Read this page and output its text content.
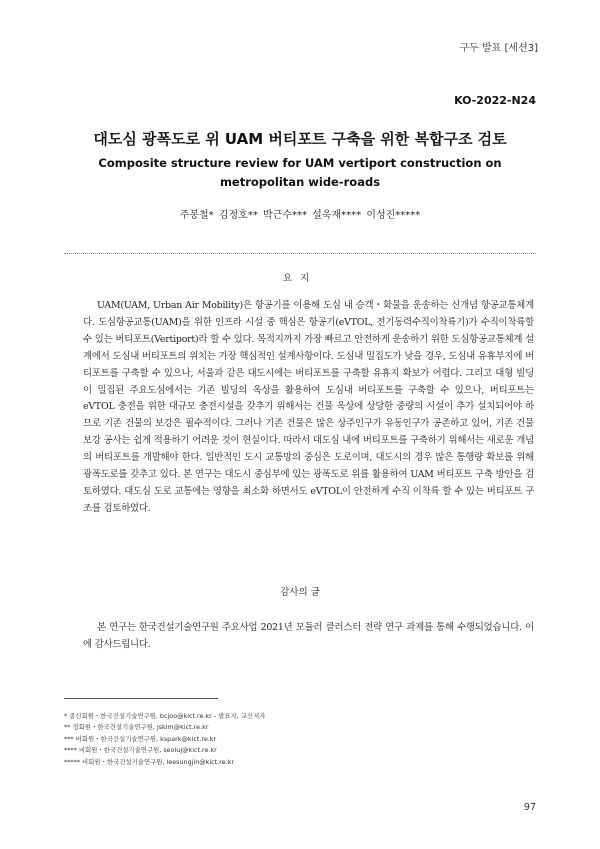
구두 발표 [세션3]
KO-2022-N24
대도심 광폭도로 위 UAM 버티포트 구축을 위한 복합구조 검토
Composite structure review for UAM vertiport construction on
metropolitan wide-roads
주봉철* 김정호** 박근수*** 설욱재**** 이성진*****
요지
UAM(UAM, Urban Air Mobility)은 항공기를 이용해 도심 내 승객・화물을 운송하는 신개념 항공교통체계다. 도심항공교통(UAM)을 위한 인프라 시설 중 핵심은 항공기(eVTOL, 전기동력수직이착륙기)가 수직이착륙할 수 있는 버티포트(Vertiport)라 할 수 있다. 목적지까지 가장 빠르고 안전하게 운송하기 위한 도심항공교통체계 설계에서 도심내 버티포트의 위치는 가장 핵심적인 설계사항이다. 도심내 밀집도가 낮을 경우, 도심내 유휴부지에 버티포트를 구축할 수 있으나, 서울과 같은 대도시에는 버티포트를 구축할 유휴지 확보가 어렵다. 그리고 대형 빌딩이 밀집된 주요도심에서는 기존 빌딩의 옥상을 활용하여 도심내 버티포트를 구축할 수 있으나, 버티포트는 eVTOL 충전을 위한 대규모 충전시설을 갖추기 위해서는 건물 옥상에 상당한 중량의 시설이 추가 설치되어야 하므로 기존 건물의 보강은 필수적이다. 그러나 기존 건물은 많은 상주인구가 유동인구가 공존하고 있어, 기존 건물 보강 공사는 쉽게 적용하기 어려운 것이 현실이다. 따라서 대도심 내에 버티포트를 구축하기 위해서는 새로운 개념의 버티포트를 개발해야 한다. 일반적인 도시 교통망의 중심은 도로이며, 대도시의 경우 많은 통행량 확보를 위해 광폭도로를 갖추고 있다. 본 연구는 대도시 중심부에 있는 광폭도로 위를 활용하여 UAM 버티포트 구축 방안을 검토하였다. 대도심 도로 교통에는 영향을 최소화 하면서도 eVTOL이 안전하게 수직 이착륙 할 수 있는 버티포트 구조를 검토하였다.
감사의 글
본 연구는 한국건설기술연구원 주요사업 2021년 모듈러 클러스터 전략 연구 과제를 통해 수행되었습니다. 이에 감사드립니다.
* 종신회원・한국건설기술연구원, bcjoo@kict.re.kr - 발표자, 교신저자
** 정회원・한국건설기술연구원, jskim@kict.re.kr
*** 비회원・한국건설기술연구원, kspark@kict.re.kr
**** 비회원・한국건설기술연구원, seoluj@kict.re.kr
***** 비회원・한국건설기술연구원, leesungjin@kict.re.kr
97
